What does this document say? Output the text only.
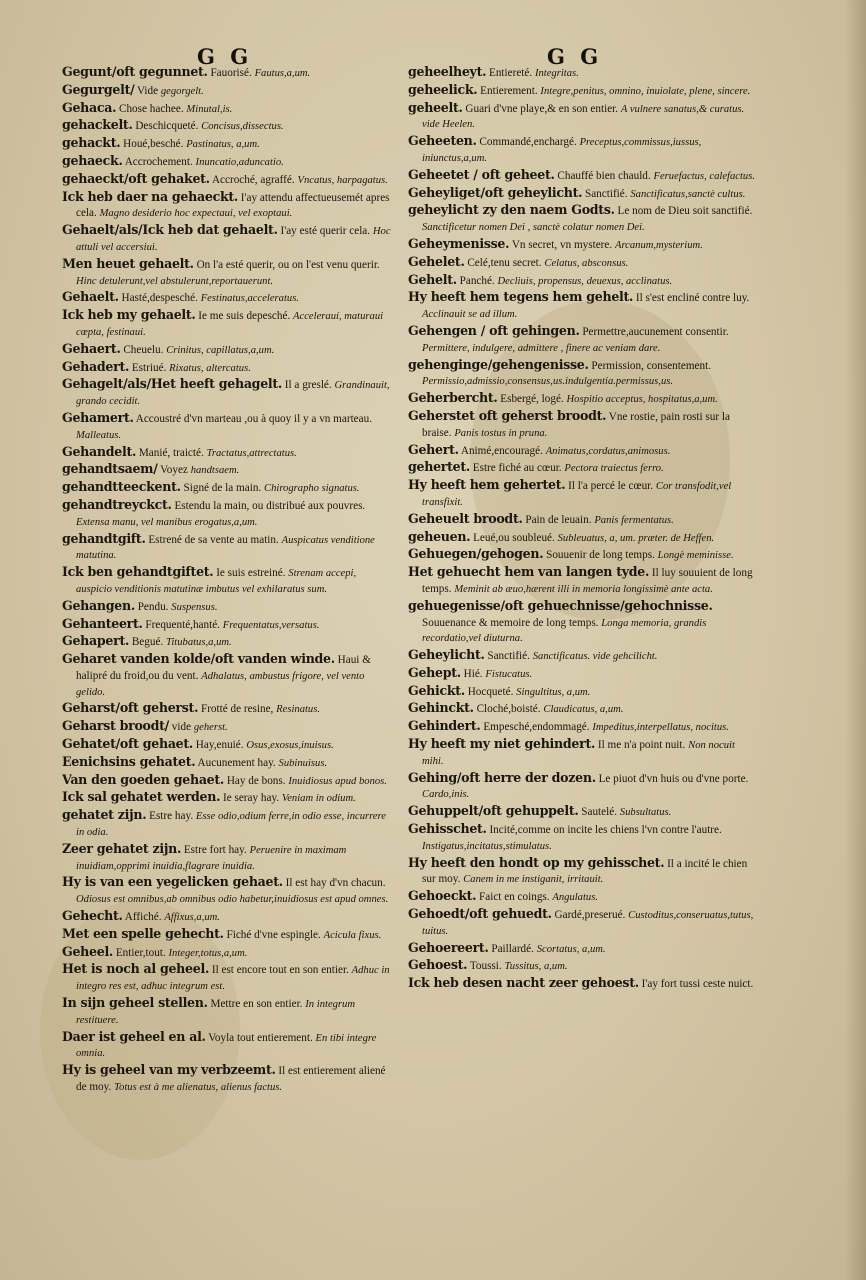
G G	G G

Gegunt/oft gegunnet. Fauorisé. Fautus,a,um.

Gegurgelt/ Vide gegorgelt.

Gehaca. Chose hachee. Minutal,is.

gehackelt. Deschicqueté. Concisus,dissectus.

gehackt. Houé,besché. Pastinatus, a,um.

gehaeck. Accrochement. Inuncatio,aduncatio.

gehaeckt/oft gehaket. Accroché, agraffé. Vncatus, harpagatus.

Ick heb daer na gehaeckt. I'ay attendu affectueusemét apres cela. Magno desiderio hoc expectaui, vel exoptaui.

Gehaelt/als/Ick heb dat gehaelt. I'ay esté querir cela. Hoc attuli vel accersiui.

Men heuet gehaelt. On l'a esté querir, ou on l'est venu querir. Hinc detulerunt,vel abstulerunt,reportauerunt.

Gehaelt. Hasté,despesché. Festinatus,acceleratus.

Ick heb my gehaelt. Ie me suis depesché. Accelerauí, maturaui cœpta, festinaui.

Gehaert. Cheuelu. Crinitus, capillatus,a,um.

Gehadert. Estriué. Rixatus, altercatus.

Gehagelt/als/Het heeft gehagelt. Il a greslé. Grandinauit, grando cecidit.

Gehamert. Accoustré d'vn marteau ,ou à quoy il y a vn marteau. Malleatus.

Gehandelt. Manié, traicté. Tractatus,attrectatus.

gehandtsaem/ Voyez handtsaem.

gehandtteeckent. Signé de la main. Chirographo signatus.

gehandtreyckct. Estendu la main, ou distribué aux pouvres. Extensa manu, vel manibus erogatus,a,um.

gehandtgift. Estrené de sa vente au matin. Auspicatus venditione matutina.

Ick ben gehandtgiftet. Ie suis estreiné. Strenam accepi, auspicio venditionis matutinæ imbutus vel exhilaratus sum.

Gehangen. Pendu. Suspensus.

Gehanteert. Frequenté,hanté. Frequentatus,versatus.

Gehapert. Begué. Titubatus,a,um.

Geharet vanden kolde/oft vanden winde. Haui & halipré du froid,ou du vent. Adhalatus, ambustus frigore, vel vento gelido.

Geharst/oft geherst. Frotté de resine, Resinatus.

Geharst broodt/ vide geherst.

Gehatet/oft gehaet. Hay,enuié. Osus,exosus,inuisus.

Eenichsins gehatet. Aucunement hay. Subinuisus.

Van den goeden gehaet. Hay de bons. Inuidiosus apud bonos.

Ick sal gehatet werden. Ie seray hay. Veniam in odium.

gehatet zijn. Estre hay. Esse odio,odium ferre,in odio esse, incurrere in odia.

Zeer gehatet zijn. Estre fort hay. Peruenire in maximam inuidiam,opprimi inuidia,flagrare inuidia.

Hy is van een yegelicken gehaet. Il est hay d'vn chacun. Odiosus est omnibus,ab omnibus odio habetur,inuidiosus est apud omnes.

Gehecht. Affiché. Affixus,a,um.

Met een spelle gehecht. Fiché d'vne espingle. Acicula fixus.

Geheel. Entier,tout. Integer,totus,a,um.

Het is noch al geheel. Il est encore tout en son entier. Adhuc in integro res est, adhuc integrum est.

In sijn geheel stellen. Mettre en son entier. In integrum restituere.

Daer ist geheel en al. Voyla tout entierement. En tibi integre omnia.

Hy is geheel van my verbzeemt. Il est entierement aliené de moy. Totus est à me alienatus, alienus factus.

geheelheyt. Entiereté. Integritas.

geheelick. Entierement. Integre,penitus, omnino, inuiolate, plene, sincere.

geheelt. Guari d'vne playe,& en son entier. A vulnere sanatus,& curatus. vide Heelen.

Geheeten. Commandé,enchargé. Preceptus,commissus,iussus, iniunctus,a,um.

Geheetet / oft geheet. Chauffé bien chauld. Feruefactus, calefactus.

Geheyliget/oft geheylicht. Sanctifié. Sanctificatus,sanctè cultus.

geheylicht zy den naem Godts. Le nom de Dieu soit sanctifié. Sanctificetur nomen Dei , sanctè colatur nomen Dei.

Geheymenisse. Vn secret, vn mystere. Arcanum,mysterium.

Gehelet. Celé,tenu secret. Celatus, absconsus.

Gehelt. Panché. Decliuis, propensus, deuexus, acclinatus.

Hy heeft hem tegens hem gehelt. Il s'est encliné contre luy. Acclinauit se ad illum.

Gehengen / oft gehingen. Permettre,aucunement consentir. Permittere, indulgere, admittere , finere ac veniam dare.

gehenginge/gehengenisse. Permission, consentement. Permissio,admissio,consensus,us.indulgentia.permissus,us.

Geherbercht. Esbergé, logé. Hospitio acceptus, hospitatus,a,um.

Geherstet oft geherst broodt. Vne rostie, pain rosti sur la braise. Panis tostus in pruna.

Gehert. Animé,encouragé. Animatus,cordatus,animosus.

gehertet. Estre fiché au cœur. Pectora traiectus ferro.

Hy heeft hem gehertet. Il l'a percé le cœur. Cor transfodit,vel transfixit.

Geheuelt broodt. Pain de leuain. Panis fermentatus.

geheuen. Leué,ou soubleué. Subleuatus, a, um. præter. de Heffen.

Gehuegen/gehogen. Souuenir de long temps. Longè meminisse.

Het gehuecht hem van langen tyde. Il luy souuient de long temps. Meminit ab æuo,hærent illi in memoria longissimè ante acta.

gehuegenisse/oft gehuechnisse/gehochnisse. Souuenance & memoire de long temps. Longa memoria, grandis recordatio,vel diuturna.

Geheylicht. Sanctifié. Sanctificatus. vide gehcilicht.

Gehept. Hié. Fistucatus.

Gehickt. Hocqueté. Singultitus, a,um.

Gehinckt. Cloché,boisté. Claudicatus, a,um.

Gehindert. Empesché,endommagé. Impeditus,interpellatus, nocitus.

Hy heeft my niet gehindert. Il me n'a point nuit. Non nocuit mihi.

Gehing/oft herre der dozen. Le piuot d'vn huis ou d'vne porte. Cardo,inis.

Gehuppelt/oft gehuppelt. Sautelé. Subsultatus.

Gehisschet. Incité,comme on incite les chiens l'vn contre l'autre. Instigatus,incitatus,stimulatus.

Hy heeft den hondt op my gehisschet. Il a incité le chien sur moy. Canem in me instiganit, irritauit.

Gehoeckt. Faict en coings. Angulatus.

Gehoedt/oft gehuedt. Gardé,preserué. Custoditus,conseruatus,tutus, tuitus.

Gehoereert. Paillardé. Scortatus, a,um.

Gehoest. Toussi. Tussitus, a,um.

Ick heb desen nacht zeer gehoest. I'ay fort tussi ceste nuict.
